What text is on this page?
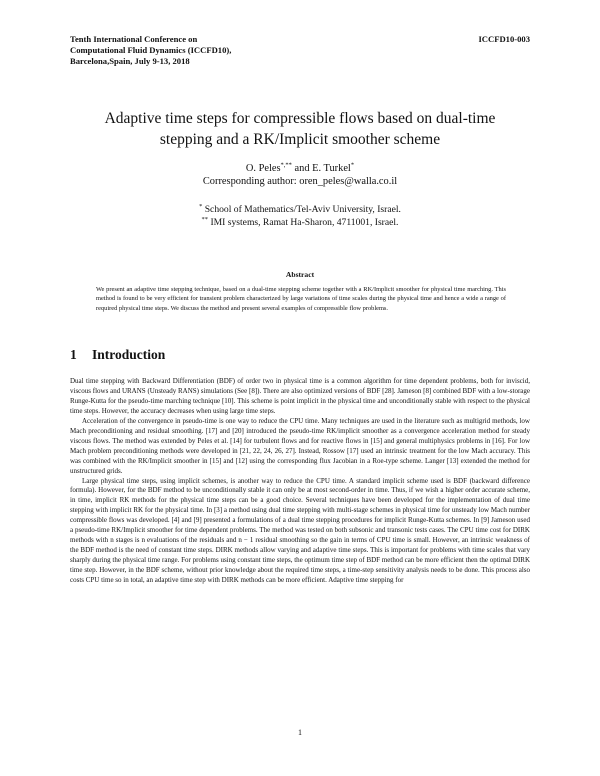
Tenth International Conference on
Computational Fluid Dynamics (ICCFD10),
Barcelona,Spain, July 9-13, 2018
ICCFD10-003
Adaptive time steps for compressible flows based on dual-time
stepping and a RK/Implicit smoother scheme
O. Peles*,** and E. Turkel*
Corresponding author: oren_peles@walla.co.il
* School of Mathematics/Tel-Aviv University, Israel.
** IMI systems, Ramat Ha-Sharon, 4711001, Israel.
Abstract
We present an adaptive time stepping technique, based on a dual-time stepping scheme together with a RK/Implicit smoother for physical time marching. This method is found to be very efficient for transient problem characterized by large variations of time scales during the physical time and hence a wide a range of required physical time steps. We discuss the method and present several examples of compressible flow problems.
1 Introduction

Dual time stepping with Backward Differentiation (BDF) of order two in physical time is a common algorithm for time dependent problems, both for inviscid, viscous flows and URANS (Unsteady RANS) simulations (See [8]). There are also optimized versions of BDF [28]. Jameson [8] combined BDF with a low-storage Runge-Kutta for the pseudo-time marching technique [10]. This scheme is point implicit in the physical time and unconditionally stable with respect to the physical time steps. However, the accuracy decreases when using large time steps.

Acceleration of the convergence in pseudo-time is one way to reduce the CPU time. Many techniques are used in the literature such as multigrid methods, low Mach preconditioning and residual smoothing. [17] and [20] introduced the pseudo-time RK/implicit smoother as a convergence acceleration method for steady viscous flows. The method was extended by Peles et al. [14] for turbulent flows and for reactive flows in [15] and general multiphysics problems in [16]. For low Mach problem preconditioning methods were developed in [21, 22, 24, 26, 27]. Instead, Rossow [17] used an intrinsic treatment for the low Mach accuracy. This was combined with the RK/Implicit smoother in [15] and [12] using the corresponding flux Jacobian in a Roe-type scheme. Langer [13] extended the method for unstructured grids.

Large physical time steps, using implicit schemes, is another way to reduce the CPU time. A standard implicit scheme used is BDF (backward difference formula). However, for the BDF method to be unconditionally stable it can only be at most second-order in time. Thus, if we wish a higher order accurate scheme, in time, implicit RK methods for the physical time steps can be a good choice. Several techniques have been developed for the implementation of dual time stepping with implicit RK for the physical time. In [3] a method using dual time stepping with multi-stage schemes in physical time for unsteady low Mach number compressible flows was developed. [4] and [9] presented a formulations of a dual time stepping procedures for implicit Runge-Kutta schemes. In [9] Jameson used a pseudo-time RK/Implicit smoother for time dependent problems. The method was tested on both subsonic and transonic tests cases. The CPU time cost for DIRK methods with n stages is n evaluations of the residuals and n − 1 residual smoothing so the gain in terms of CPU time is small. However, an intrinsic weakness of the BDF method is the need of constant time steps. DIRK methods allow varying and adaptive time steps. This is important for problems with time scales that vary sharply during the physical time range. For problems using constant time steps, the optimum time step of BDF method can be more efficient then the optimal DIRK time step. However, in the BDF scheme, without prior knowledge about the required time steps, a time-step sensitivity analysis needs to be done. This process also costs CPU time so in total, an adaptive time step with DIRK methods can be more efficient. Adaptive time stepping for

1
